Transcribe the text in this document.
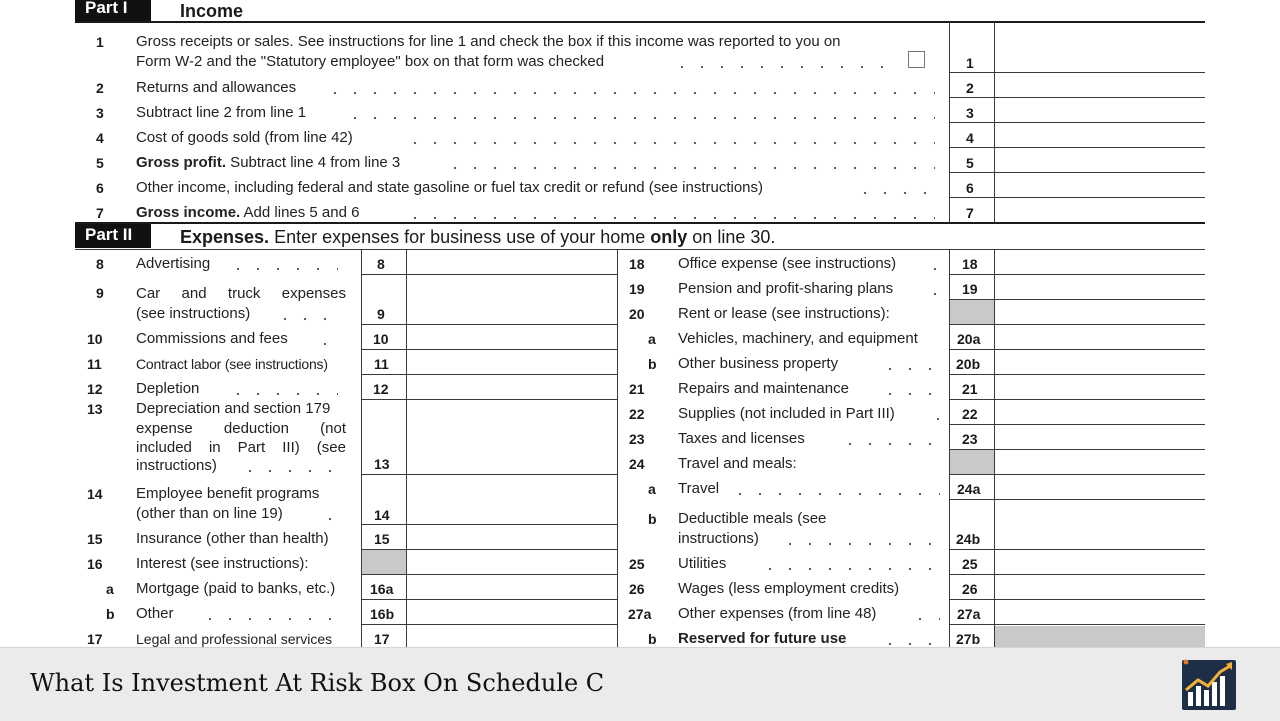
Part I	Income
1 Gross receipts or sales. See instructions for line 1 and check the box if this income was reported to you on
Form W-2 and the "Statutory employee" box on that form was checked	1
2 Returns and allowances	2
3 Subtract line 2 from line 1	3
4 Cost of goods sold (from line 42)	4
5 Gross profit. Subtract line 4 from line 3	5
6 Other income, including federal and state gasoline or fuel tax credit or refund (see instructions)	6
7 Gross income. Add lines 5 and 6	7
Part II	Expenses. Enter expenses for business use of your home only on line 30.
8 Advertising	8
9 Car and truck expenses
(see instructions)	9
10 Commissions and fees	10
11 Contract labor (see instructions)	11
12 Depletion	12
13 Depreciation and section 179
expense deduction (not
included in Part III) (see
instructions)	13
14 Employee benefit programs
(other than on line 19)	14
15 Insurance (other than health)	15
16 Interest (see instructions):
a Mortgage (paid to banks, etc.) 16a
b Other	16b
17 Legal and professional services	17
18 Office expense (see instructions)	18
19 Pension and profit-sharing plans	19
20 Rent or lease (see instructions):
a Vehicles, machinery, and equipment	20a
b Other business property	20b
21 Repairs and maintenance	21
22 Supplies (not included in Part III)	22
23 Taxes and licenses	23
24 Travel and meals:
a Travel	24a
b Deductible meals (see
instructions)	24b
25 Utilities	25
26 Wages (less employment credits)	26
27a Other expenses (from line 48)	27a
b Reserved for future use	27b
What Is Investment At Risk Box On Schedule C
